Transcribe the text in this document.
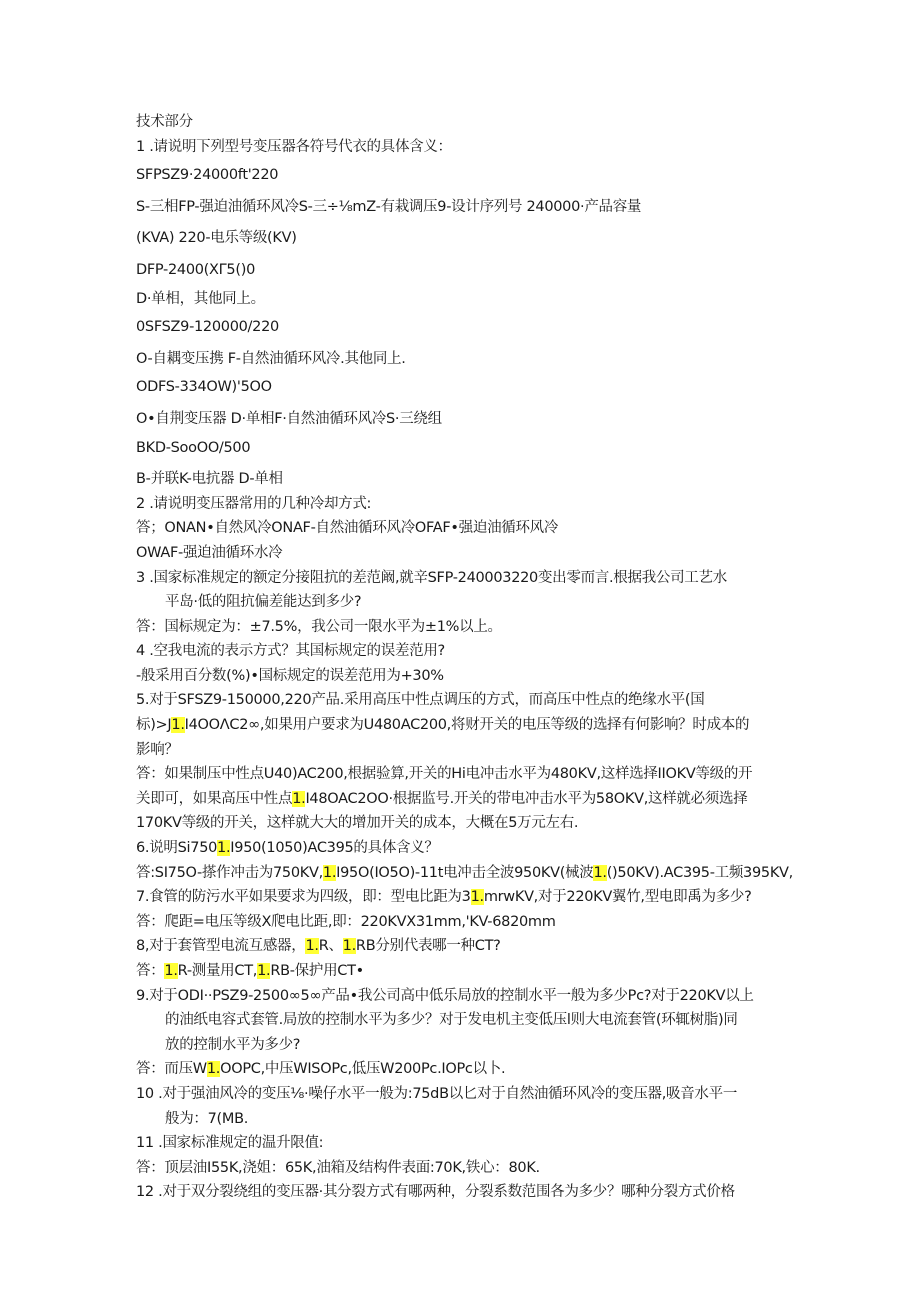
技术部分
1 .请说明下列型号变压器各符号代衣的具体含义：
SFPSZ9·24000ft'220
S-三相FP-强迫油循环风冷S-三÷⅛mZ-有栽调压9-设计序列号 240000·产品容量
(KVA) 220-电乐等级(KV)
DFP-2400(XΓ5()0
D·单相，其他同上。
0SFSZ9-120000/220
O-自耦变压携 F-自然油循环风冷.其他同上.
ODFS-334OW)'5OO
O•自荆变压器 D·单相F·自然油循环风冷S·三绕组
BKD-SooOO/500
B-并联K-电抗器 D-单相
2 .请说明变压器常用的几种冷却方式:
答；ONAN•自然风冷ONAF-自然油循环风冷OFAF•强迫油循环风冷
OWAF-强迫油循环水冷
3 .国家标准规定的额定分接阻抗的差范阚,就辛SFP-240003220变出零而言.根据我公司工艺水
平岛·低的阻抗偏差能达到多少?
答：国标规定为：±7.5%，我公司一限水平为±1%以上。
4 .空我电流的表示方式？其国标规定的误差范用?
-般采用百分数(%)•国标规定的误差范用为+30%
5.对于SFSZ9-150000,220产品.采用高压中性点调压的方式，而高压中性点的绝缘水平(国
标)>J1.I4OOΛC2∞,如果用户要求为U480AC200,将财开关的电压等级的选择有何影响？时成本的
影响？
答：如果制压中性点U40)AC200,根据验算,开关的Hi电冲击水平为480KV,这样选择IIOKV等级的开
关即可，如果高压中性点1.I48OAC2OO·根据监号.开关的带电冲击水平为58OKV,这样就必须选择
170KV等级的开关，这样就大大的增加开关的成本，大概在5万元左右.
6.说明Si7501.I950(1050)AC395的具体含义？
答:SI75O-搽作冲击为750KV,1.I95O(IO5O)-11t电冲击全波950KV(械波1.()50KV).AC395-工频395KV,
7.食管的防污水平如果要求为四级，即：型电比距为31.mrwKV,对于220KV翼竹,型电即禹为多少?
答：爬距=电压等级X爬电比距,即：220KVX31mm,'KV-6820mm
8,对于套管型电流互感器，1.R、1.RB分别代表哪一种CT?
答：1.R-测量用CT,1.RB-保护用CT•
9.对于ODI··PSZ9-2500∞5∞产品•我公司高中低乐局放的控制水平一般为多少Pc?对于220KV以上
的油纸电容式套管.局放的控制水平为多少？对于发电机主变低压l则大电流套管(环辄树脂)同
放的控制水平为多少?
答：而压W1.OOPC,中压WISOPc,低压W200Pc.IOPc以卜.
10 .对于强油风冷的变压⅛·噪仔水平一般为:75dB以匕对于自然油循环风冷的变压器,吸音水平一
般为：7(MB.
11 .国家标准规定的温升限值:
答：顶层油I55K,浇姐：65K,油箱及结构件表面:70K,铁心：80K.
12 .对于双分裂绕组的变压器·其分裂方式有哪两种，分裂系数范围各为多少？哪种分裂方式价格
